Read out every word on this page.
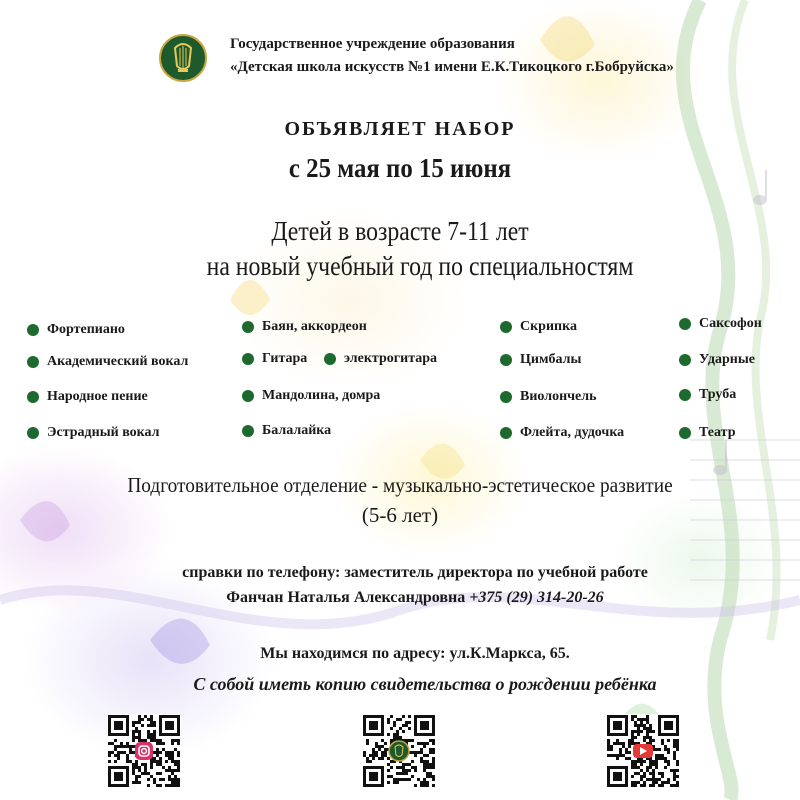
Государственное учреждение образования
«Детская школа искусств №1 имени Е.К.Тикоцкого г.Бобруйска»
ОБЪЯВЛЯЕТ НАБОР
с 25 мая по 15 июня
Детей в возрасте 7-11 лет
на новый учебный год по специальностям
Фортепиано
Академический вокал
Народное пение
Эстрадный вокал
Баян, аккордеон
Гитара	электрогитара
Мандолина, домра
Балалайка
Скрипка
Цимбалы
Виолончель
Флейта, дудочка
Саксофон
Ударные
Труба
Театр
Подготовительное отделение - музыкально-эстетическое развитие
(5-6 лет)
справки по телефону: заместитель директора по учебной работе
Фанчан Наталья Александровна +375 (29) 314-20-26
Мы находимся по адресу: ул.К.Маркса, 65.
С собой иметь копию свидетельства о рождении ребёнка
